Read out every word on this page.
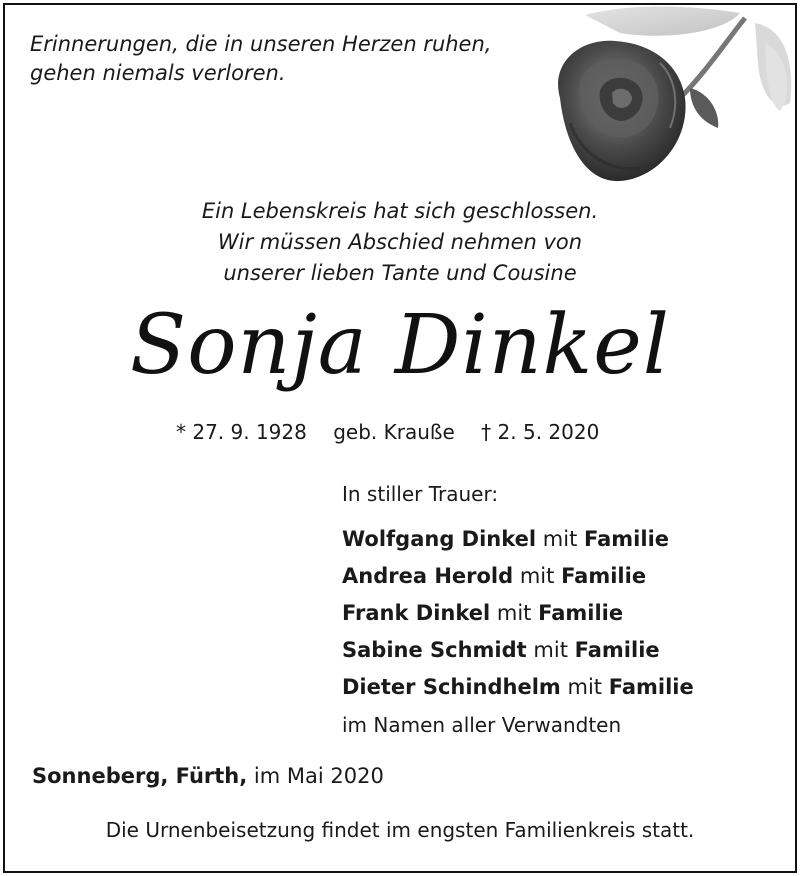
Erinnerungen, die in unseren Herzen ruhen,
gehen niemals verloren.
Ein Lebenskreis hat sich geschlossen.
Wir müssen Abschied nehmen von
unserer lieben Tante und Cousine
Sonja Dinkel
* 27. 9. 1928 geb. Krauße † 2. 5. 2020
In stiller Trauer:
Wolfgang Dinkel mit Familie
Andrea Herold mit Familie
Frank Dinkel mit Familie
Sabine Schmidt mit Familie
Dieter Schindhelm mit Familie
im Namen aller Verwandten
Sonneberg, Fürth, im Mai 2020
Die Urnenbeisetzung findet im engsten Familienkreis statt.
